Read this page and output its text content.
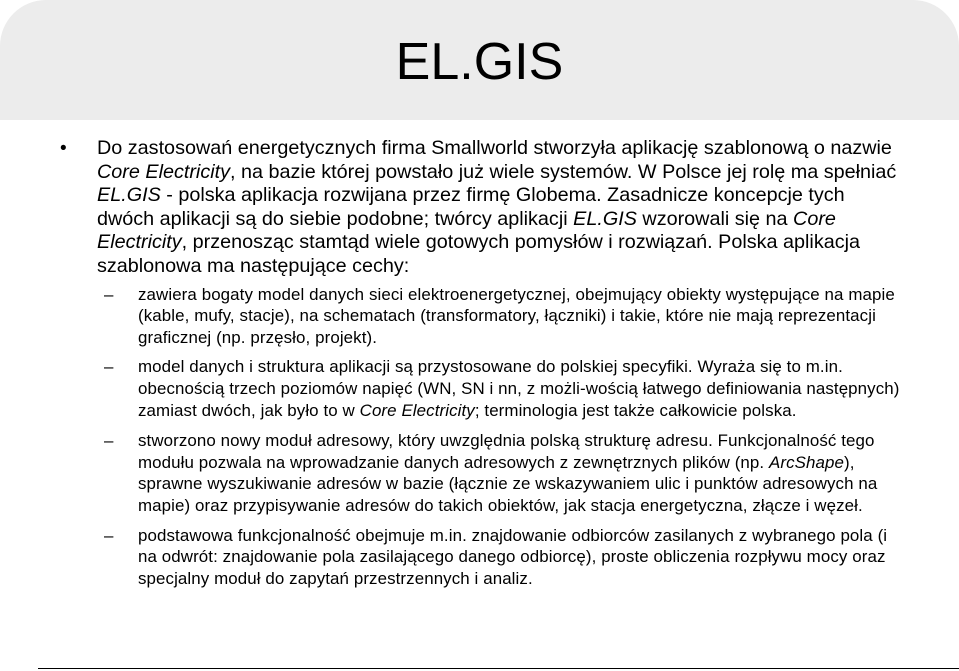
EL.GIS
• Do zastosowań energetycznych firma Smallworld stworzyła aplikację szablonową o nazwie Core Electricity, na bazie której powstało już wiele systemów. W Polsce jej rolę ma spełniać EL.GIS - polska aplikacja rozwijana przez firmę Globema. Zasadnicze koncepcje tych dwóch aplikacji są do siebie podobne; twórcy aplikacji EL.GIS wzorowali się na Core Electricity, przenosząc stamtąd wiele gotowych pomysłów i rozwiązań. Polska aplikacja szablonowa ma następujące cechy:
– zawiera bogaty model danych sieci elektroenergetycznej, obejmujący obiekty występujące na mapie (kable, mufy, stacje), na schematach (transformatory, łączniki) i takie, które nie mają reprezentacji graficznej (np. przęsło, projekt).
– model danych i struktura aplikacji są przystosowane do polskiej specyfiki. Wyraża się to m.in. obecnością trzech poziomów napięć (WN, SN i nn, z możli-wością łatwego definiowania następnych) zamiast dwóch, jak było to w Core Electricity; terminologia jest także całkowicie polska.
– stworzono nowy moduł adresowy, który uwzględnia polską strukturę adresu. Funkcjonalność tego modułu pozwala na wprowadzanie danych adresowych z zewnętrznych plików (np. ArcShape), sprawne wyszukiwanie adresów w bazie (łącznie ze wskazywaniem ulic i punktów adresowych na mapie) oraz przypisywanie adresów do takich obiektów, jak stacja energetyczna, złącze i węzeł.
– podstawowa funkcjonalność obejmuje m.in. znajdowanie odbiorców zasilanych z wybranego pola (i na odwrót: znajdowanie pola zasilającego danego odbiorcę), proste obliczenia rozpływu mocy oraz specjalny moduł do zapytań przestrzennych i analiz.
